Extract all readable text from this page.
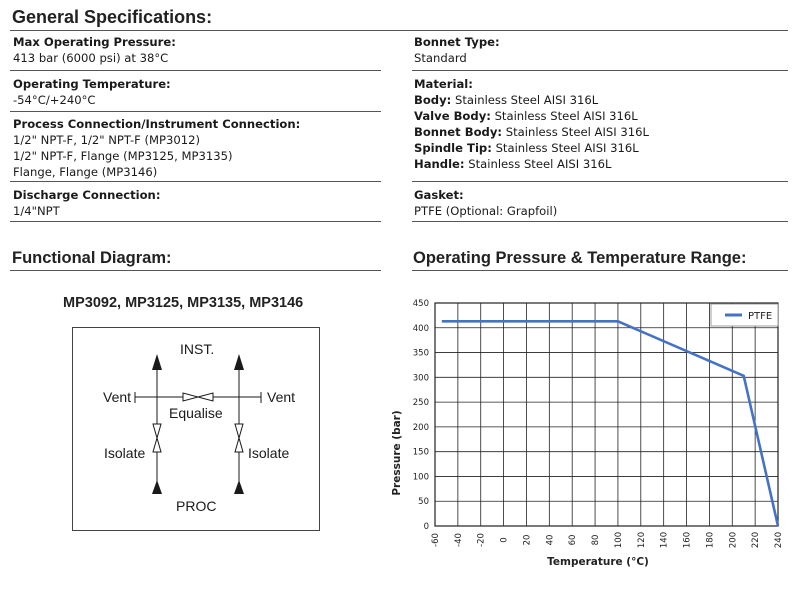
General Specifications:
Max Operating Pressure:
413 bar (6000 psi) at 38°C
Operating Temperature:
-54°C/+240°C
Process Connection/Instrument Connection:
1/2" NPT-F, 1/2" NPT-F (MP3012)
1/2" NPT-F, Flange (MP3125, MP3135)
Flange, Flange (MP3146)
Discharge Connection:
1/4"NPT
Bonnet Type:
Standard
Material:
Body: Stainless Steel AISI 316L
Valve Body: Stainless Steel AISI 316L
Bonnet Body: Stainless Steel AISI 316L
Spindle Tip: Stainless Steel AISI 316L
Handle: Stainless Steel AISI 316L
Gasket:
PTFE (Optional: Grapfoil)
Functional Diagram:
MP3092, MP3125, MP3135, MP3146
INST.
Vent	Vent
Equalise
Isolate	Isolate
PROC
Operating Pressure & Temperature Range:
-60 -40 -20 0 20 40 60 80 100 120 140 160 180 200 220 240
0
50
100
150
200
250
300
350
400
450
PTFE
Temperature (°C)
Pressure (bar)
